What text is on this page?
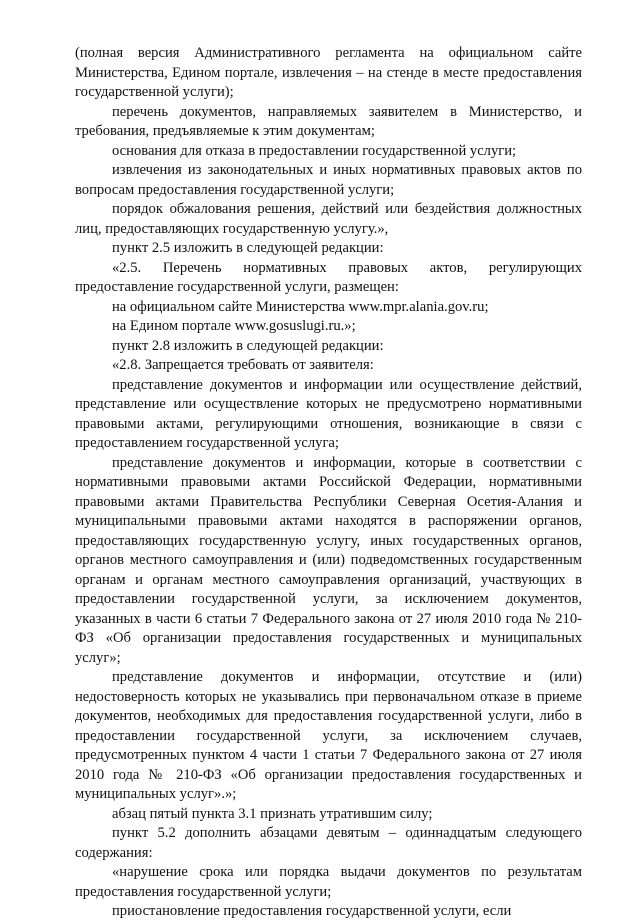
(полная версия Административного регламента на официальном сайте Министерства, Едином портале, извлечения – на стенде в месте предоставления государственной услуги);

перечень документов, направляемых заявителем в Министерство, и требования, предъявляемые к этим документам;

основания для отказа в предоставлении государственной услуги;

извлечения из законодательных и иных нормативных правовых актов по вопросам предоставления государственной услуги;

порядок обжалования решения, действий или бездействия должностных лиц, предоставляющих государственную услугу.»,

пункт 2.5 изложить в следующей редакции:

«2.5. Перечень нормативных правовых актов, регулирующих предоставление государственной услуги, размещен:

на официальном сайте Министерства www.mpr.alania.gov.ru;

на Едином портале www.gosuslugi.ru.»;

пункт 2.8 изложить в следующей редакции:

«2.8. Запрещается требовать от заявителя:

представление документов и информации или осуществление действий, представление или осуществление которых не предусмотрено нормативными правовыми актами, регулирующими отношения, возникающие в связи с предоставлением государственной услуга;

представление документов и информации, которые в соответствии с нормативными правовыми актами Российской Федерации, нормативными правовыми актами Правительства Республики Северная Осетия-Алания и муниципальными правовыми актами находятся в распоряжении органов, предоставляющих государственную услугу, иных государственных органов, органов местного самоуправления и (или) подведомственных государственным органам и органам местного самоуправления организаций, участвующих в предоставлении государственной услуги, за исключением документов, указанных в части 6 статьи 7 Федерального закона от 27 июля 2010 года № 210-ФЗ «Об организации предоставления государственных и муниципальных услуг»;

представление документов и информации, отсутствие и (или) недостоверность которых не указывались при первоначальном отказе в приеме документов, необходимых для предоставления государственной услуги, либо в предоставлении государственной услуги, за исключением случаев, предусмотренных пунктом 4 части 1 статьи 7 Федерального закона от 27 июля 2010 года № 210-ФЗ «Об организации предоставления государственных и муниципальных услуг».»;

абзац пятый пункта 3.1 признать утратившим силу;

пункт 5.2 дополнить абзацами девятым – одиннадцатым следующего содержания:

«нарушение срока или порядка выдачи документов по результатам предоставления государственной услуги;

приостановление предоставления государственной услуги, если
